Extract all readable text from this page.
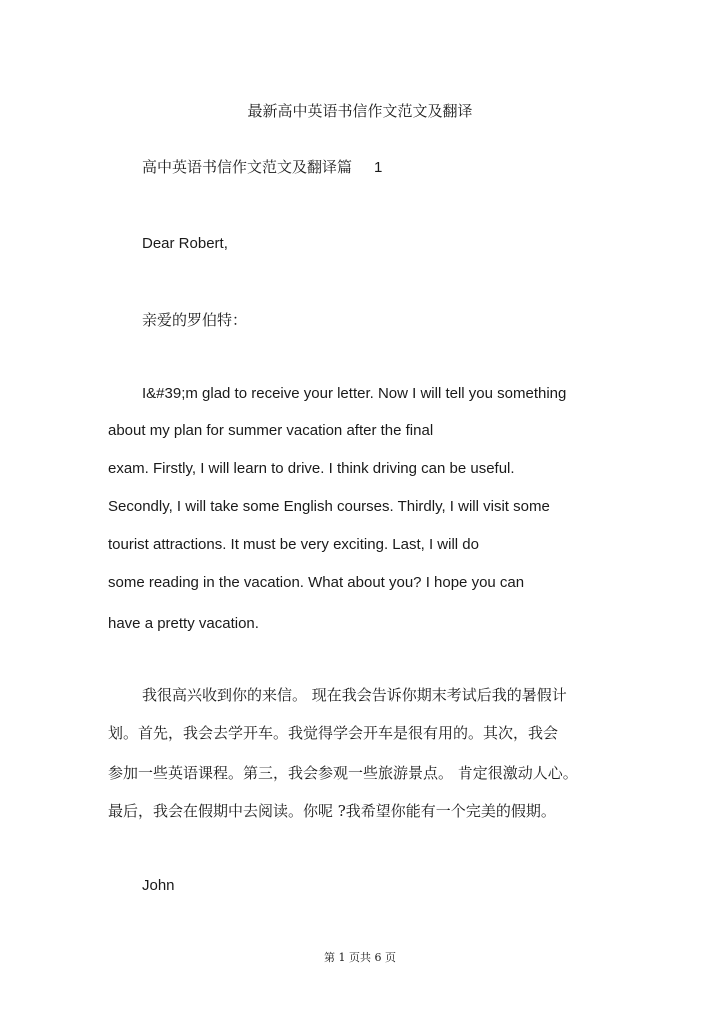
最新高中英语书信作文范文及翻译
高中英语书信作文范文及翻译篇 1
Dear Robert,
亲爱的罗伯特：
I&#39;m glad to receive your letter. Now I will tell you something
about my plan for summer vacation after the final
exam. Firstly, I will learn to drive. I think driving can be useful.
Secondly, I will take some English courses. Thirdly, I will visit some
tourist attractions. It must be very exciting. Last, I will do
some reading in the vacation. What about you? I hope you can
have a pretty vacation.
我很高兴收到你的来信。 现在我会告诉你期末考试后我的暑假计
划。首先，我会去学开车。我觉得学会开车是很有用的。其次，我会
参加一些英语课程。第三，我会参观一些旅游景点。 肯定很激动人心。
最后，我会在假期中去阅读。你呢 ?我希望你能有一个完美的假期。
John
第 1 页共 6 页
